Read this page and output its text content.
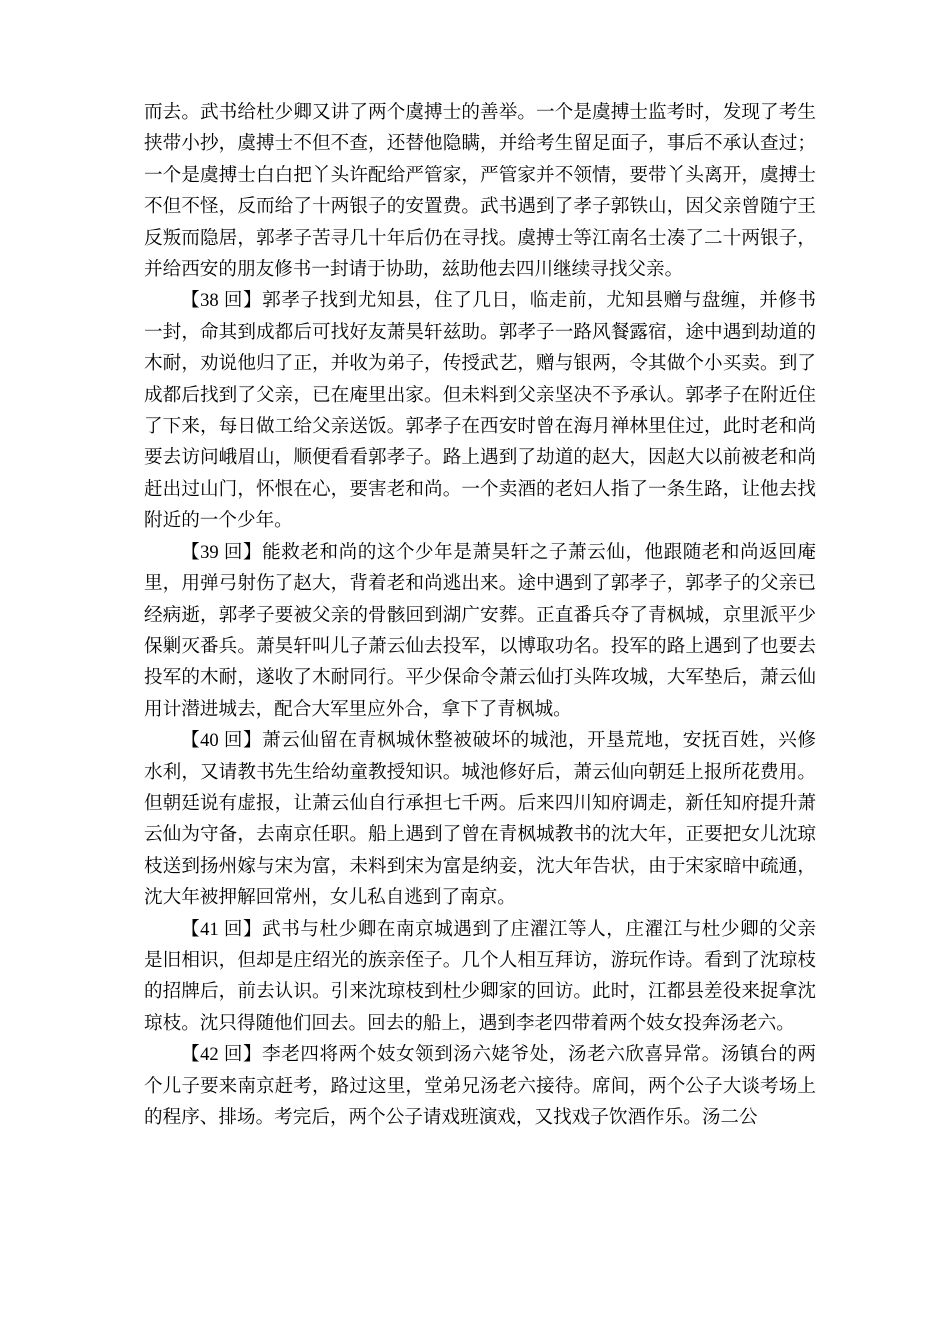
而去。武书给杜少卿又讲了两个虞搏士的善举。一个是虞搏士监考时，发现了考生挟带小抄，虞搏士不但不查，还替他隐瞒，并给考生留足面子，事后不承认查过；一个是虞搏士白白把丫头许配给严管家，严管家并不领情，要带丫头离开，虞搏士不但不怪，反而给了十两银子的安置费。武书遇到了孝子郭铁山，因父亲曾随宁王反叛而隐居，郭孝子苦寻几十年后仍在寻找。虞搏士等江南名士凑了二十两银子，并给西安的朋友修书一封请于协助，兹助他去四川继续寻找父亲。

【38 回】郭孝子找到尤知县，住了几日，临走前，尤知县赠与盘缠，并修书一封，命其到成都后可找好友萧昊轩兹助。郭孝子一路风餐露宿，途中遇到劫道的木耐，劝说他归了正，并收为弟子，传授武艺，赠与银两，令其做个小买卖。到了成都后找到了父亲，已在庵里出家。但未料到父亲坚决不予承认。郭孝子在附近住了下来，每日做工给父亲送饭。郭孝子在西安时曾在海月禅林里住过，此时老和尚要去访问峨眉山，顺便看看郭孝子。路上遇到了劫道的赵大，因赵大以前被老和尚赶出过山门，怀恨在心，要害老和尚。一个卖酒的老妇人指了一条生路，让他去找附近的一个少年。

【39 回】能救老和尚的这个少年是萧昊轩之子萧云仙，他跟随老和尚返回庵里，用弹弓射伤了赵大，背着老和尚逃出来。途中遇到了郭孝子，郭孝子的父亲已经病逝，郭孝子要被父亲的骨骸回到湖广安葬。正直番兵夺了青枫城，京里派平少保剿灭番兵。萧昊轩叫儿子萧云仙去投军，以博取功名。投军的路上遇到了也要去投军的木耐，遂收了木耐同行。平少保命令萧云仙打头阵攻城，大军垫后，萧云仙用计潜进城去，配合大军里应外合，拿下了青枫城。

【40 回】萧云仙留在青枫城休整被破坏的城池，开垦荒地，安抚百姓，兴修水利，又请教书先生给幼童教授知识。城池修好后，萧云仙向朝廷上报所花费用。但朝廷说有虚报，让萧云仙自行承担七千两。后来四川知府调走，新任知府提升萧云仙为守备，去南京任职。船上遇到了曾在青枫城教书的沈大年，正要把女儿沈琼枝送到扬州嫁与宋为富，未料到宋为富是纳妾，沈大年告状，由于宋家暗中疏通，沈大年被押解回常州，女儿私自逃到了南京。

【41 回】武书与杜少卿在南京城遇到了庄濯江等人，庄濯江与杜少卿的父亲是旧相识，但却是庄绍光的族亲侄子。几个人相互拜访，游玩作诗。看到了沈琼枝的招牌后，前去认识。引来沈琼枝到杜少卿家的回访。此时，江都县差役来捉拿沈琼枝。沈只得随他们回去。回去的船上，遇到李老四带着两个妓女投奔汤老六。

【42 回】李老四将两个妓女领到汤六姥爷处，汤老六欣喜异常。汤镇台的两个儿子要来南京赶考，路过这里，堂弟兄汤老六接待。席间，两个公子大谈考场上的程序、排场。考完后，两个公子请戏班演戏，又找戏子饮酒作乐。汤二公
